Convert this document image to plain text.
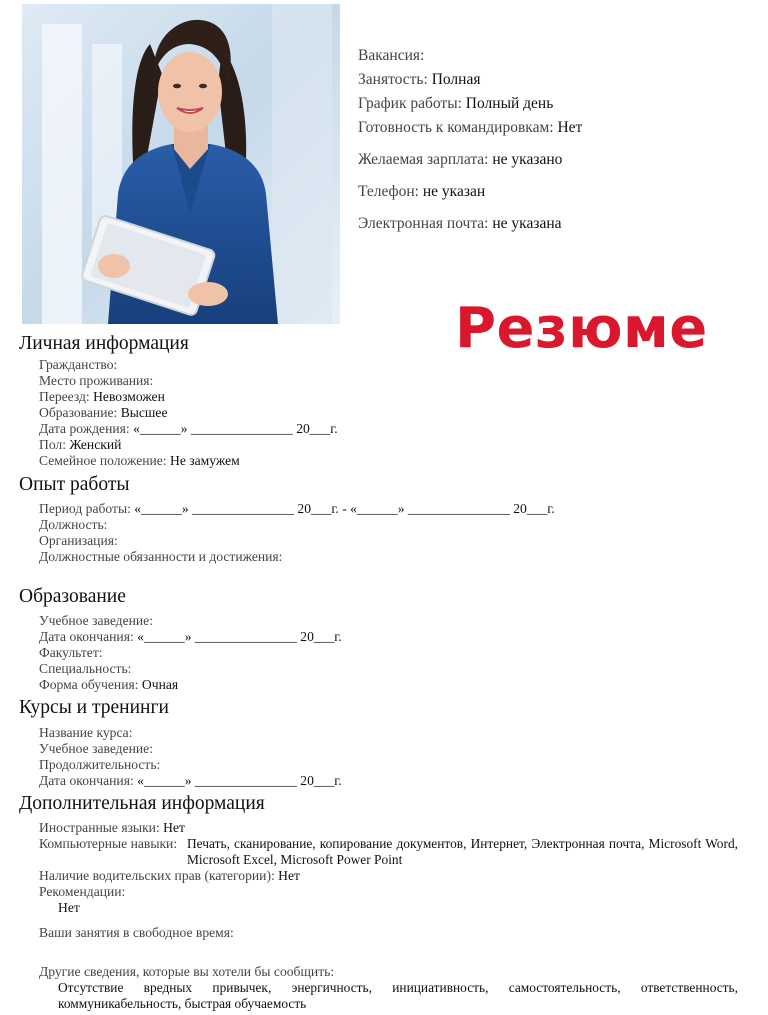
Вакансия:
Занятость: Полная
График работы: Полный день
Готовность к командировкам: Нет
Желаемая зарплата: не указано
Телефон: не указан
Электронная почта: не указана
Резюме
Личная информация
Гражданство:
Место проживания:
Переезд: Невозможен
Образование: Высшее
Дата рождения: «______» _______________ 20___г.
Пол: Женский
Семейное положение: Не замужем
Опыт работы
Период работы: «______» _______________ 20___г. - «______» _______________ 20___г.
Должность:
Организация:
Должностные обязанности и достижения:
Образование
Учебное заведение:
Дата окончания: «______» _______________ 20___г.
Факультет:
Специальность:
Форма обучения: Очная
Курсы и тренинги
Название курса:
Учебное заведение:
Продолжительность:
Дата окончания: «______» _______________ 20___г.
Дополнительная информация
Иностранные языки: Нет
Компьютерные навыки: Печать, сканирование, копирование документов, Интернет, Электронная почта, Microsoft Word, Microsoft Excel, Microsoft Power Point
Наличие водительских прав (категории): Нет
Рекомендации:
Нет
Ваши занятия в свободное время:
Другие сведения, которые вы хотели бы сообщить:
Отсутствие вредных привычек, энергичность, инициативность, самостоятельность, ответственность, коммуникабельность, быстрая обучаемость
